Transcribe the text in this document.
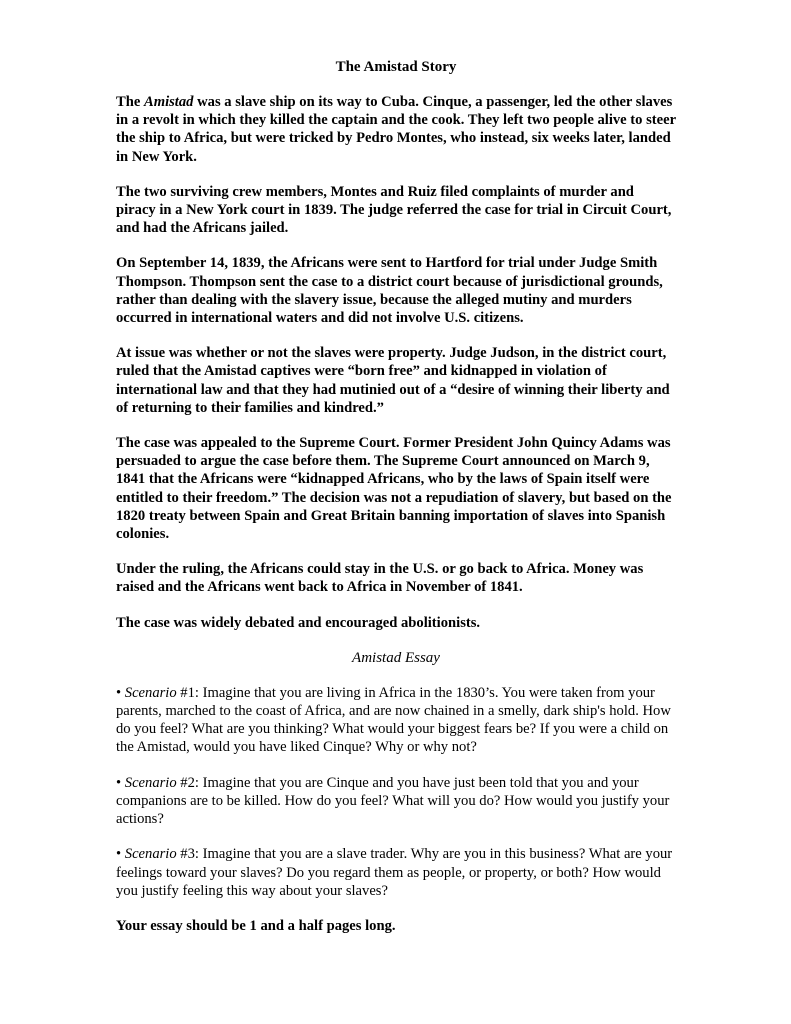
The Amistad Story

The Amistad was a slave ship on its way to Cuba. Cinque, a passenger, led the other slaves in a revolt in which they killed the captain and the cook. They left two people alive to steer the ship to Africa, but were tricked by Pedro Montes, who instead, six weeks later, landed in New York.

The two surviving crew members, Montes and Ruiz filed complaints of murder and piracy in a New York court in 1839. The judge referred the case for trial in Circuit Court, and had the Africans jailed.

On September 14, 1839, the Africans were sent to Hartford for trial under Judge Smith Thompson. Thompson sent the case to a district court because of jurisdictional grounds, rather than dealing with the slavery issue, because the alleged mutiny and murders occurred in international waters and did not involve U.S. citizens.

At issue was whether or not the slaves were property. Judge Judson, in the district court, ruled that the Amistad captives were “born free” and kidnapped in violation of international law and that they had mutinied out of a “desire of winning their liberty and of returning to their families and kindred.”

The case was appealed to the Supreme Court. Former President John Quincy Adams was persuaded to argue the case before them. The Supreme Court announced on March 9, 1841 that the Africans were “kidnapped Africans, who by the laws of Spain itself were entitled to their freedom.” The decision was not a repudiation of slavery, but based on the 1820 treaty between Spain and Great Britain banning importation of slaves into Spanish colonies.

Under the ruling, the Africans could stay in the U.S. or go back to Africa. Money was raised and the Africans went back to Africa in November of 1841.

The case was widely debated and encouraged abolitionists.

Amistad Essay

• Scenario #1: Imagine that you are living in Africa in the 1830’s. You were taken from your parents, marched to the coast of Africa, and are now chained in a smelly, dark ship's hold. How do you feel? What are you thinking? What would your biggest fears be? If you were a child on the Amistad, would you have liked Cinque? Why or why not?

• Scenario #2: Imagine that you are Cinque and you have just been told that you and your companions are to be killed. How do you feel? What will you do? How would you justify your actions?

• Scenario #3: Imagine that you are a slave trader. Why are you in this business? What are your feelings toward your slaves? Do you regard them as people, or property, or both? How would you justify feeling this way about your slaves?

Your essay should be 1 and a half pages long.
